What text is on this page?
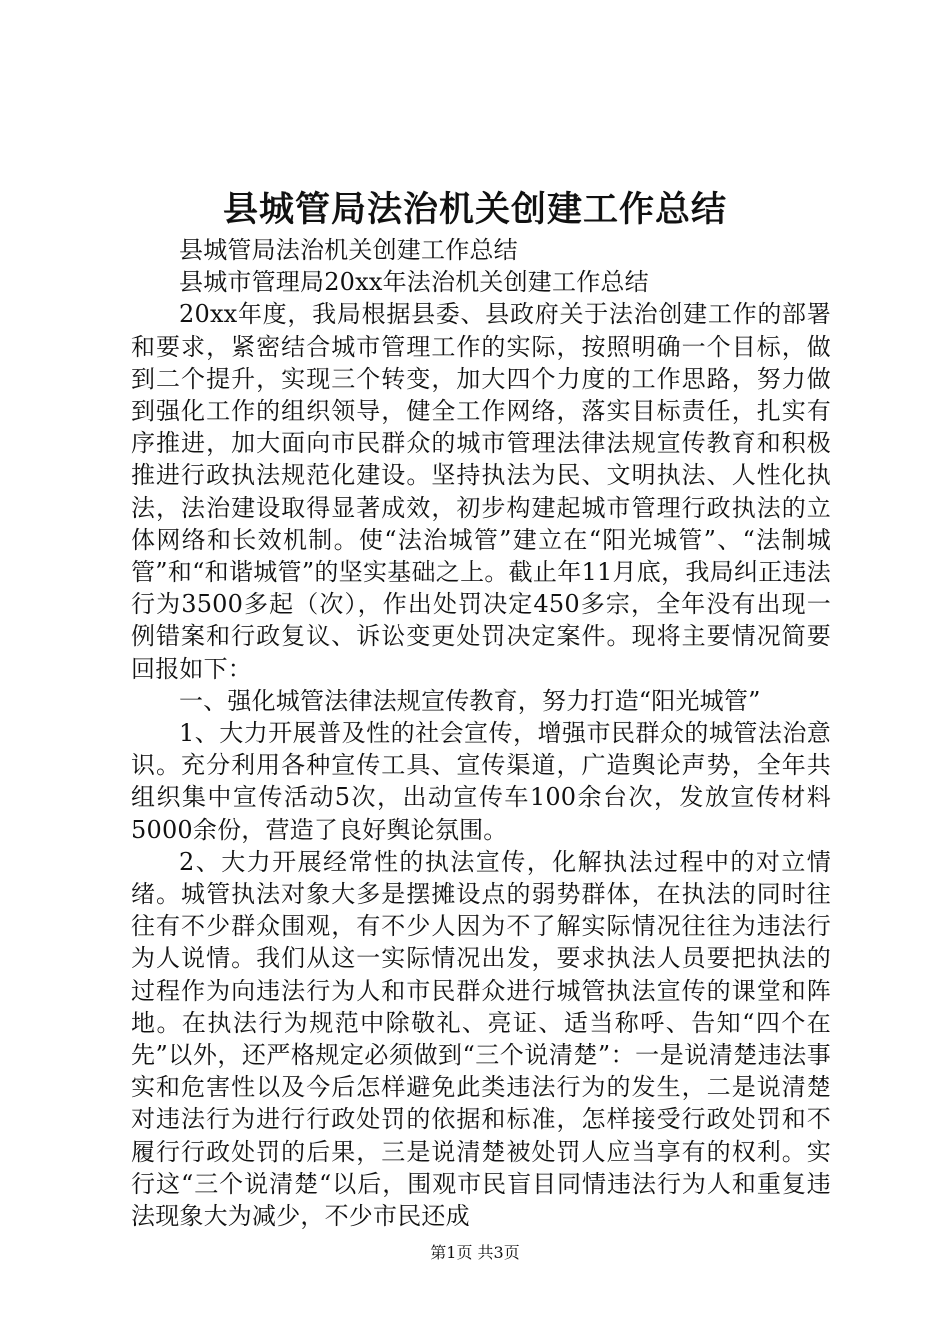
县城管局法治机关创建工作总结

县城管局法治机关创建工作总结

县城市管理局20xx年法治机关创建工作总结

20xx年度，我局根据县委、县政府关于法治创建工作的部署和要求，紧密结合城市管理工作的实际，按照明确一个目标，做到二个提升，实现三个转变，加大四个力度的工作思路，努力做到强化工作的组织领导，健全工作网络，落实目标责任，扎实有序推进，加大面向市民群众的城市管理法律法规宣传教育和积极推进行政执法规范化建设。坚持执法为民、文明执法、人性化执法，法治建设取得显著成效，初步构建起城市管理行政执法的立体网络和长效机制。使“法治城管”建立在“阳光城管”、“法制城管”和“和谐城管”的坚实基础之上。截止年11月底，我局纠正违法行为3500多起（次），作出处罚决定450多宗，全年没有出现一例错案和行政复议、诉讼变更处罚决定案件。现将主要情况简要回报如下：

一、强化城管法律法规宣传教育，努力打造“阳光城管”

1、大力开展普及性的社会宣传，增强市民群众的城管法治意识。充分利用各种宣传工具、宣传渠道，广造舆论声势，全年共组织集中宣传活动5次，出动宣传车100余台次，发放宣传材料5000余份，营造了良好舆论氛围。

2、大力开展经常性的执法宣传，化解执法过程中的对立情绪。城管执法对象大多是摆摊设点的弱势群体，在执法的同时往往有不少群众围观，有不少人因为不了解实际情况往往为违法行为人说情。我们从这一实际情况出发，要求执法人员要把执法的过程作为向违法行为人和市民群众进行城管执法宣传的课堂和阵地。在执法行为规范中除敬礼、亮证、适当称呼、告知“四个在先”以外，还严格规定必须做到“三个说清楚”：一是说清楚违法事实和危害性以及今后怎样避免此类违法行为的发生，二是说清楚对违法行为进行行政处罚的依据和标准，怎样接受行政处罚和不履行行政处罚的后果，三是说清楚被处罚人应当享有的权利。实行这“三个说清楚“以后，围观市民盲目同情违法行为人和重复违法现象大为减少，不少市民还成

第1页 共3页
